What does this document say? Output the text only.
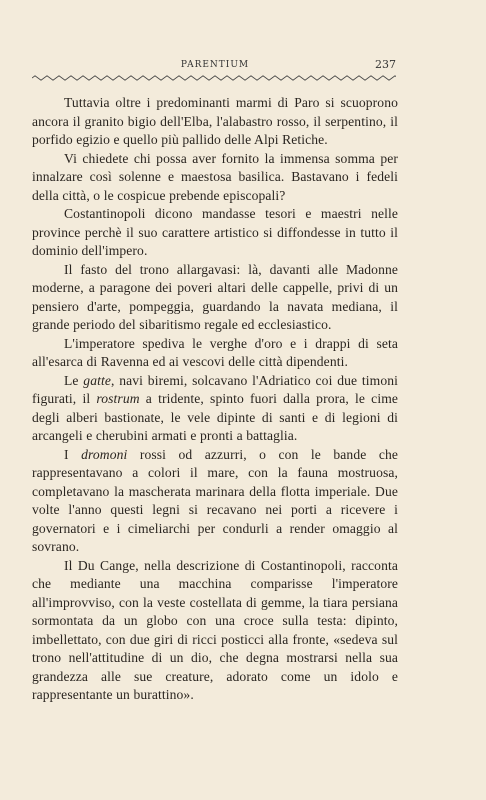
PARENTIUM	237

Tuttavia oltre i predominanti marmi di Paro si scuoprono ancora il granito bigio dell'Elba, l'alabastro rosso, il serpentino, il porfido egizio e quello più pallido delle Alpi Retiche.

Vi chiedete chi possa aver fornito la immensa somma per innalzare così solenne e maestosa basilica. Bastavano i fedeli della città, o le cospicue prebende episcopali?

Costantinopoli dicono mandasse tesori e maestri nelle province perchè il suo carattere artistico si diffondesse in tutto il dominio dell'impero.

Il fasto del trono allargavasi: là, davanti alle Madonne moderne, a paragone dei poveri altari delle cappelle, privi di un pensiero d'arte, pompeggia, guardando la navata mediana, il grande periodo del sibaritismo regale ed ecclesiastico.

L'imperatore spediva le verghe d'oro e i drappi di seta all'esarca di Ravenna ed ai vescovi delle città dipendenti.

Le gatte, navi biremi, solcavano l'Adriatico coi due timoni figurati, il rostrum a tridente, spinto fuori dalla prora, le cime degli alberi bastionate, le vele dipinte di santi e di legioni di arcangeli e cherubini armati e pronti a battaglia.

I dromoni rossi od azzurri, o con le bande che rappresentavano a colori il mare, con la fauna mostruosa, completavano la mascherata marinara della flotta imperiale. Due volte l'anno questi legni si recavano nei porti a ricevere i governatori e i cimeliarchi per condurli a render omaggio al sovrano.

Il Du Cange, nella descrizione di Costantinopoli, racconta che mediante una macchina comparisse l'imperatore all'improvviso, con la veste costellata di gemme, la tiara persiana sormontata da un globo con una croce sulla testa: dipinto, imbellettato, con due giri di ricci posticci alla fronte, «sedeva sul trono nell'attitudine di un dio, che degna mostrarsi nella sua grandezza alle sue creature, adorato come un idolo e rappresentante un burattino».
